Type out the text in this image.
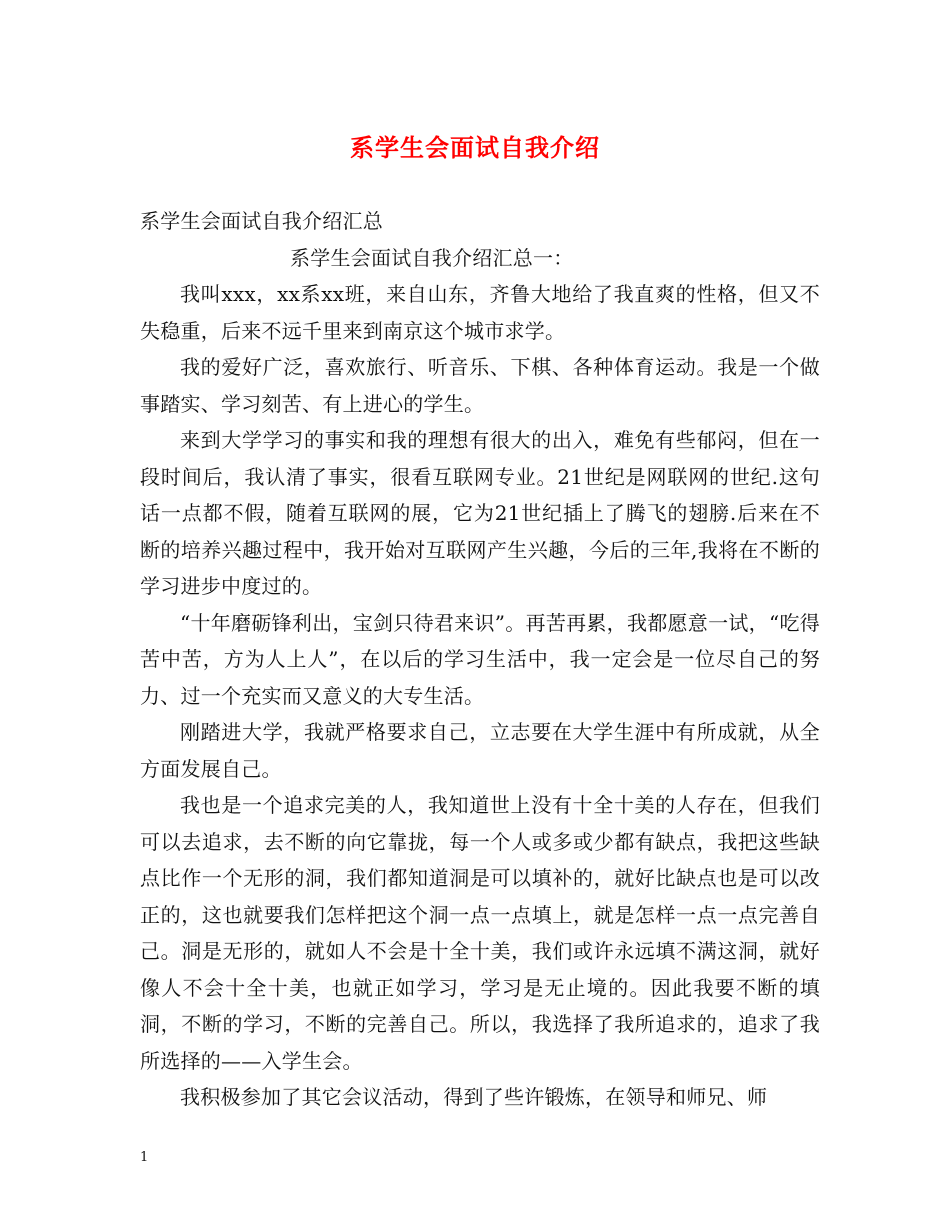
系学生会面试自我介绍

系学生会面试自我介绍汇总

系学生会面试自我介绍汇总一：

我叫xxx，xx系xx班，来自山东，齐鲁大地给了我直爽的性格，但又不失稳重，后来不远千里来到南京这个城市求学。

我的爱好广泛，喜欢旅行、听音乐、下棋、各种体育运动。我是一个做事踏实、学习刻苦、有上进心的学生。

来到大学学习的事实和我的理想有很大的出入，难免有些郁闷，但在一段时间后，我认清了事实，很看互联网专业。21世纪是网联网的世纪.这句话一点都不假，随着互联网的展，它为21世纪插上了腾飞的翅膀.后来在不断的培养兴趣过程中，我开始对互联网产生兴趣，今后的三年,我将在不断的学习进步中度过的。

“十年磨砺锋利出，宝剑只待君来识”。再苦再累，我都愿意一试，“吃得苦中苦，方为人上人”，在以后的学习生活中，我一定会是一位尽自己的努力、过一个充实而又意义的大专生活。

刚踏进大学，我就严格要求自己，立志要在大学生涯中有所成就，从全方面发展自己。

我也是一个追求完美的人，我知道世上没有十全十美的人存在，但我们可以去追求，去不断的向它靠拢，每一个人或多或少都有缺点，我把这些缺点比作一个无形的洞，我们都知道洞是可以填补的，就好比缺点也是可以改正的，这也就要我们怎样把这个洞一点一点填上，就是怎样一点一点完善自己。洞是无形的，就如人不会是十全十美，我们或许永远填不满这洞，就好像人不会十全十美，也就正如学习，学习是无止境的。因此我要不断的填洞，不断的学习，不断的完善自己。所以，我选择了我所追求的，追求了我所选择的——入学生会。

我积极参加了其它会议活动，得到了些许锻炼，在领导和师兄、师

1
